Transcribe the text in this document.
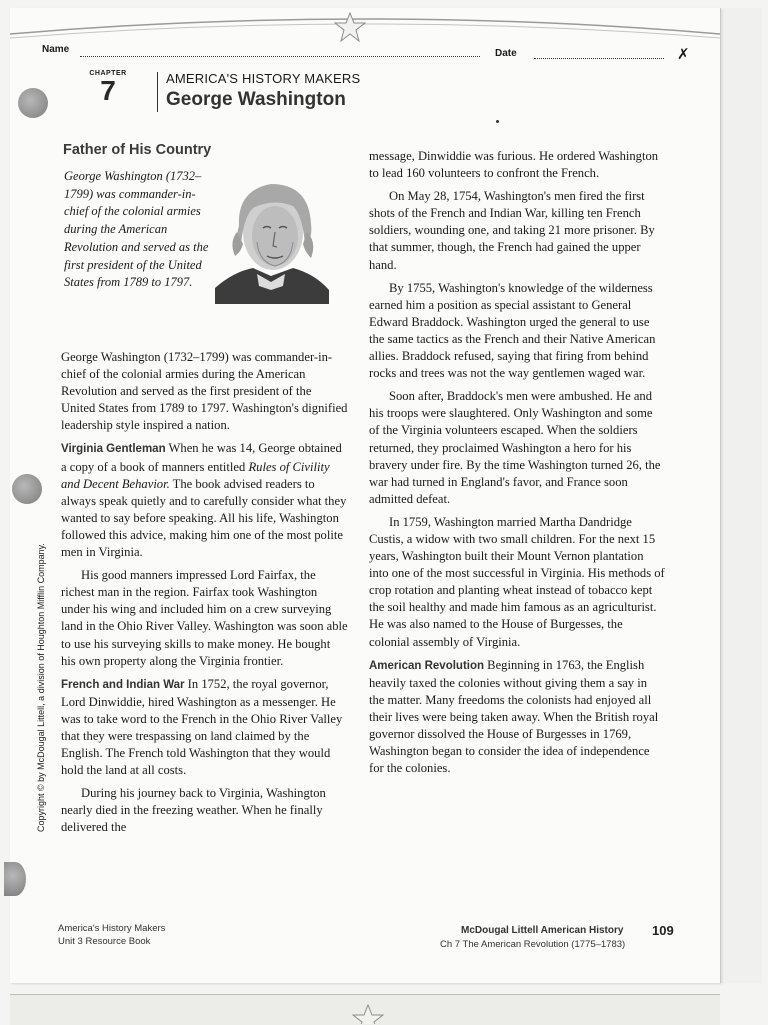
Name	Date	✗
CHAPTER
7	AMERICA'S HISTORY MAKERS
George Washington
Father of His Country
George Washington (1732–1799) was commander-in-chief of the colonial armies during the American Revolution and served as the first president of the United States from 1789 to 1797.

George Washington (1732–1799) was commander-in-chief of the colonial armies during the American Revolution and served as the first president of the United States from 1789 to 1797. Washington's dignified leadership style inspired a nation.

Virginia Gentleman When he was 14, George obtained a copy of a book of manners entitled Rules of Civility and Decent Behavior. The book advised readers to always speak quietly and to carefully consider what they wanted to say before speaking. All his life, Washington followed this advice, making him one of the most polite men in Virginia.

His good manners impressed Lord Fairfax, the richest man in the region. Fairfax took Washington under his wing and included him on a crew surveying land in the Ohio River Valley. Washington was soon able to use his surveying skills to make money. He bought his own property along the Virginia frontier.

French and Indian War In 1752, the royal governor, Lord Dinwiddie, hired Washington as a messenger. He was to take word to the French in the Ohio River Valley that they were trespassing on land claimed by the English. The French told Washington that they would hold the land at all costs.

During his journey back to Virginia, Washington nearly died in the freezing weather. When he finally delivered the

message, Dinwiddie was furious. He ordered Washington to lead 160 volunteers to confront the French.

On May 28, 1754, Washington's men fired the first shots of the French and Indian War, killing ten French soldiers, wounding one, and taking 21 more prisoner. By that summer, though, the French had gained the upper hand.

By 1755, Washington's knowledge of the wilderness earned him a position as special assistant to General Edward Braddock. Washington urged the general to use the same tactics as the French and their Native American allies. Braddock refused, saying that firing from behind rocks and trees was not the way gentlemen waged war.

Soon after, Braddock's men were ambushed. He and his troops were slaughtered. Only Washington and some of the Virginia volunteers escaped. When the soldiers returned, they proclaimed Washington a hero for his bravery under fire. By the time Washington turned 26, the war had turned in England's favor, and France soon admitted defeat.

In 1759, Washington married Martha Dandridge Custis, a widow with two small children. For the next 15 years, Washington built their Mount Vernon plantation into one of the most successful in Virginia. His methods of crop rotation and planting wheat instead of tobacco kept the soil healthy and made him famous as an agriculturist. He was also named to the House of Burgesses, the colonial assembly of Virginia.

American Revolution Beginning in 1763, the English heavily taxed the colonies without giving them a say in the matter. Many freedoms the colonists had enjoyed all their lives were being taken away. When the British royal governor dissolved the House of Burgesses in 1769, Washington began to consider the idea of independence for the colonies.

Copyright © by McDougal Littell, a division of Houghton Mifflin Company.
America's History Makers
Unit 3 Resource Book
McDougal Littell American History 109
Ch 7 The American Revolution (1775–1783)
